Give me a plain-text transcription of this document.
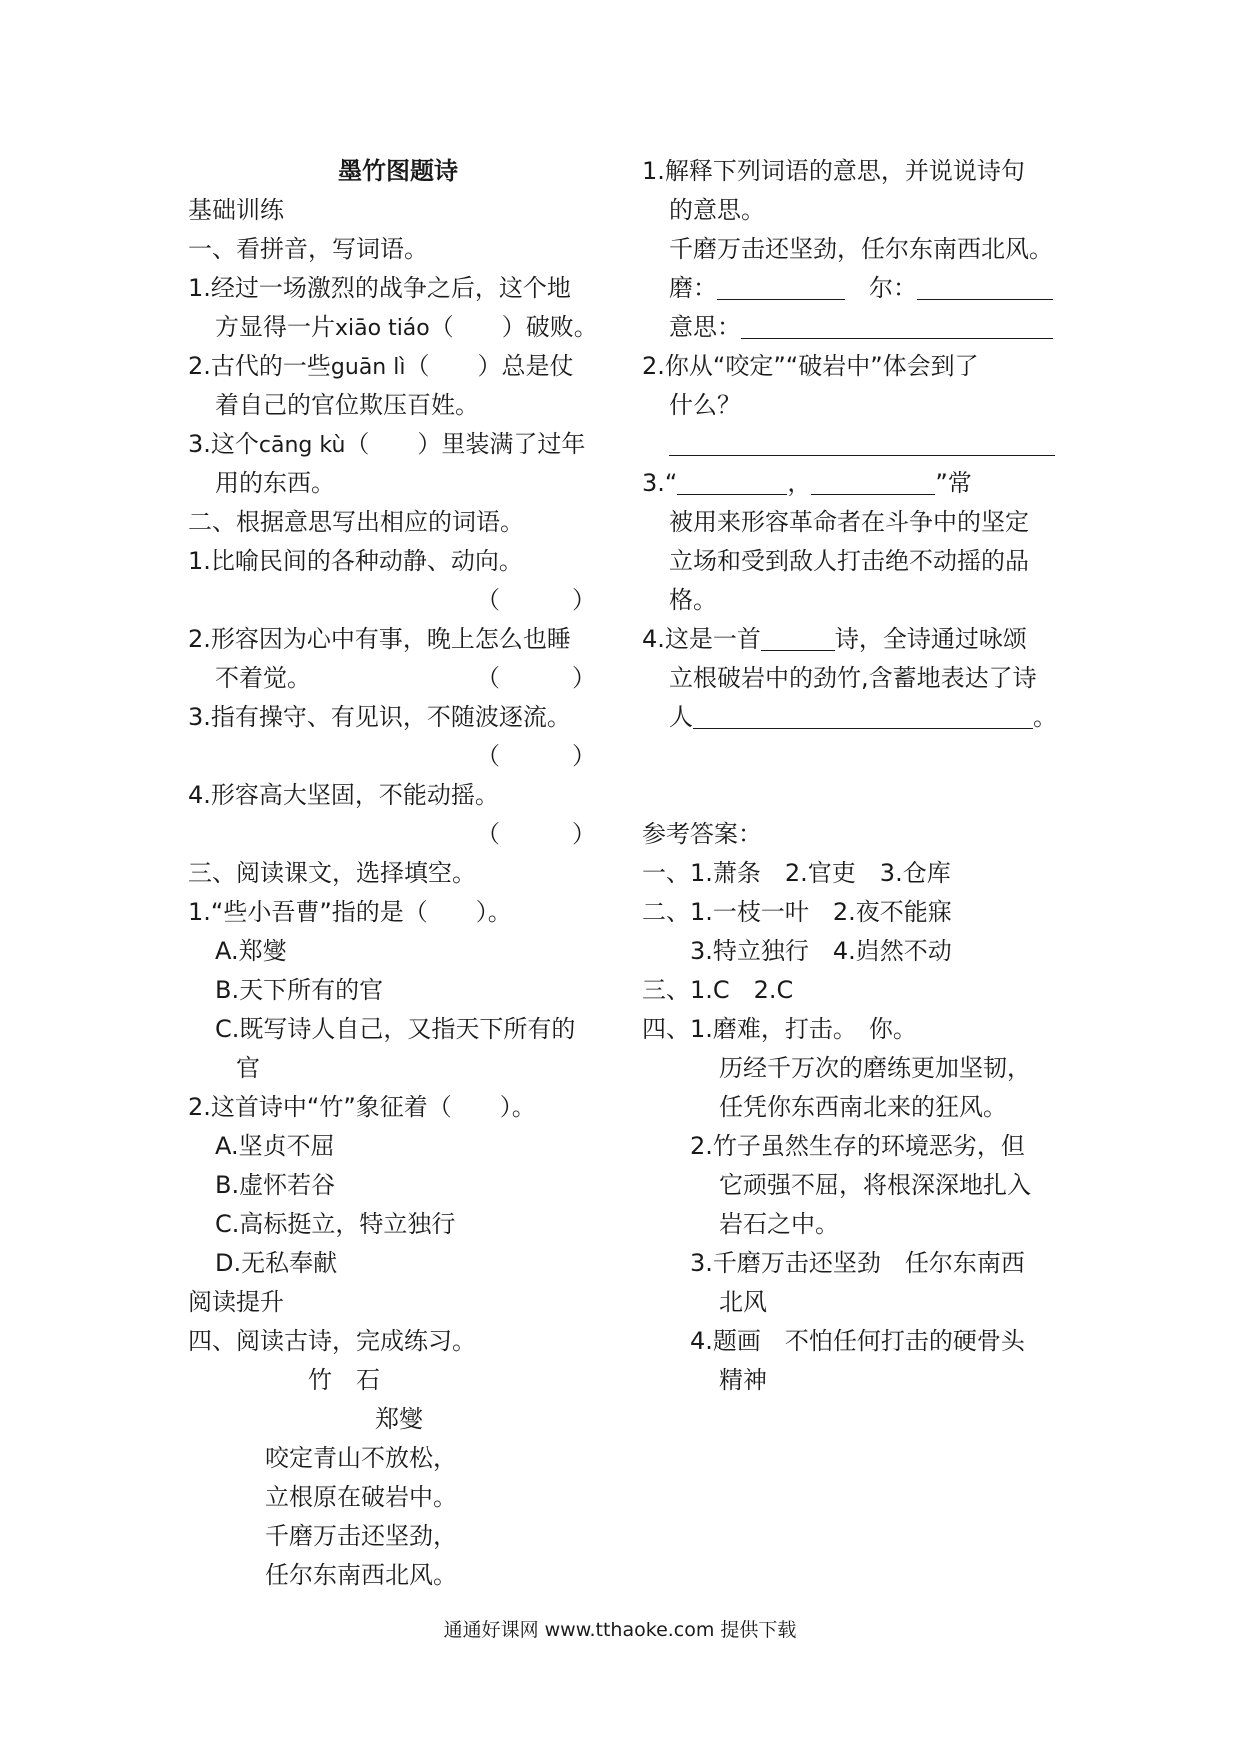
墨竹图题诗
基础训练
一、看拼音，写词语。
1.经过一场激烈的战争之后，这个地
方显得一片xiāo tiáo（　　）破败。
2.古代的一些guān lì（　　）总是仗
着自己的官位欺压百姓。
3.这个cāng kù（　　）里装满了过年
用的东西。
二、根据意思写出相应的词语。
1.比喻民间的各种动静、动向。
（　　　）
2.形容因为心中有事，晚上怎么也睡
不着觉。	（　　　）
3.指有操守、有见识，不随波逐流。
（　　　）
4.形容高大坚固，不能动摇。
（　　　）
三、阅读课文，选择填空。
1.“些小吾曹”指的是（　　）。
A.郑燮
B.天下所有的官
C.既写诗人自己，又指天下所有的
官
2.这首诗中“竹”象征着（　　）。
A.坚贞不屈
B.虚怀若谷
C.高标挺立，特立独行
D.无私奉献
阅读提升
四、阅读古诗，完成练习。
竹　石
郑燮
咬定青山不放松，
立根原在破岩中。
千磨万击还坚劲，
任尔东南西北风。
1.解释下列词语的意思，并说说诗句
的意思。
千磨万击还坚劲，任尔东南西北风。
磨：	尔：
意思：
2.你从“咬定”“破岩中”体会到了
什么？
3.“	，	”常
被用来形容革命者在斗争中的坚定
立场和受到敌人打击绝不动摇的品
格。
4.这是一首	诗，全诗通过咏颂
立根破岩中的劲竹,含蓄地表达了诗
人	。
参考答案：
一、1.萧条　2.官吏　3.仓库
二、1.一枝一叶　2.夜不能寐
3.特立独行　4.岿然不动
三、1.C　2.C
四、1.磨难，打击。　你。
历经千万次的磨练更加坚韧，
任凭你东西南北来的狂风。
2.竹子虽然生存的环境恶劣，但
它顽强不屈，将根深深地扎入
岩石之中。
3.千磨万击还坚劲　任尔东南西
北风
4.题画　不怕任何打击的硬骨头
精神
通通好课网 www.tthaoke.com 提供下载
